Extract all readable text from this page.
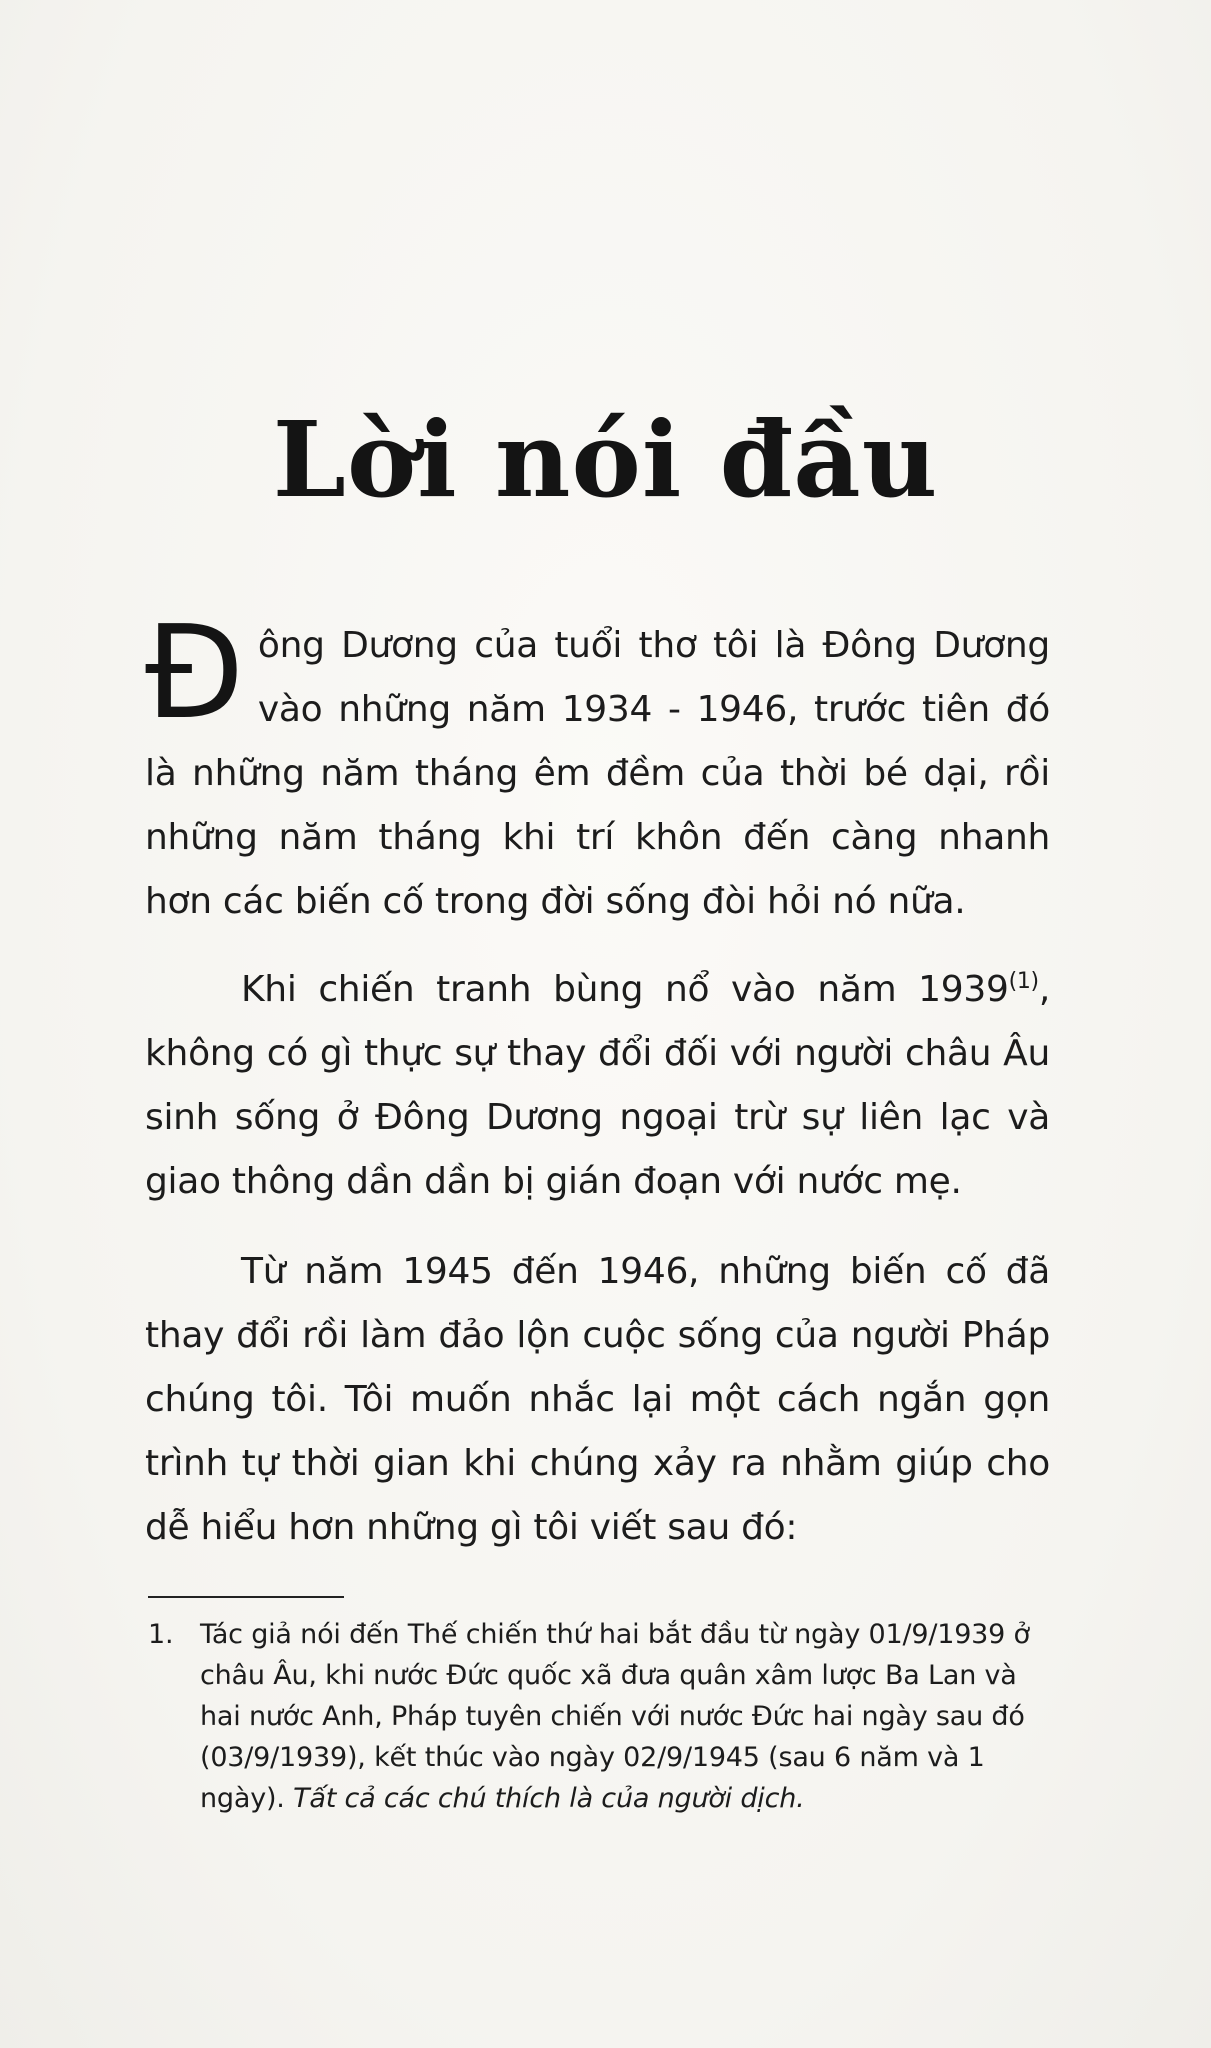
Lời nói đầu
Đông Dương của tuổi thơ tôi là Đông Dương vào những năm 1934 - 1946, trước tiên đó là những năm tháng êm đềm của thời bé dại, rồi những năm tháng khi trí khôn đến càng nhanh hơn các biến cố trong đời sống đòi hỏi nó nữa.
Khi chiến tranh bùng nổ vào năm 1939$^{(1)}$, không có gì thực sự thay đổi đối với người châu Âu sinh sống ở Đông Dương ngoại trừ sự liên lạc và giao thông dần dần bị gián đoạn với nước mẹ.
Từ năm 1945 đến 1946, những biến cố đã thay đổi rồi làm đảo lộn cuộc sống của người Pháp chúng tôi. Tôi muốn nhắc lại một cách ngắn gọn trình tự thời gian khi chúng xảy ra nhằm giúp cho dễ hiểu hơn những gì tôi viết sau đó:
1. Tác giả nói đến Thế chiến thứ hai bắt đầu từ ngày 01/9/1939 ở châu Âu, khi nước Đức quốc xã đưa quân xâm lược Ba Lan và hai nước Anh, Pháp tuyên chiến với nước Đức hai ngày sau đó (03/9/1939), kết thúc vào ngày 02/9/1945 (sau 6 năm và 1 ngày). Tất cả các chú thích là của người dịch.
